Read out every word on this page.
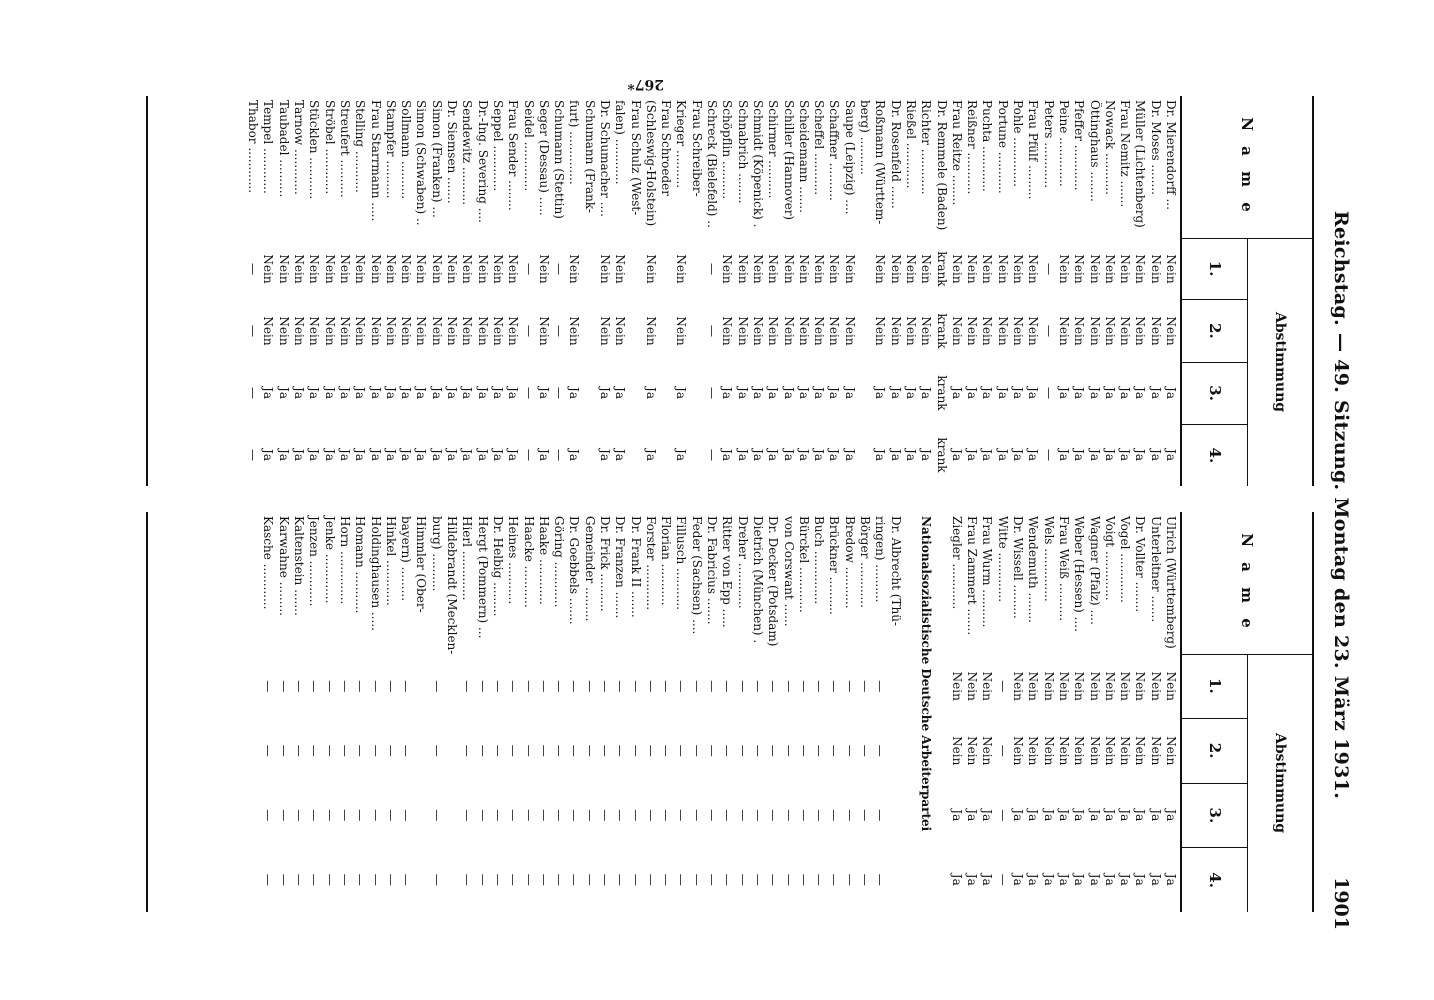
Reichstag. — 49. Sitzung. Montag den 23. März 1931.
1901
N a m e
Abstimmung
1.
2.
3.
4.
Dr. Mierendorff ...
Nein
Nein
Ja
Ja
Dr. Moses ........
Nein
Nein
Ja
Ja
Müller (Lichtenberg)
Nein
Nein
Ja
Ja
Frau Nemitz .......
Nein
Nein
Ja
Ja
Nowack ...........
Nein
Nein
Ja
Ja
Öttinghaus ........
Nein
Nein
Ja
Ja
Pfeffer ............
Nein
Nein
Ja
Ja
Peine .............
Nein
Nein
Ja
Ja
Peters ............
—
—
—
—
Frau Pfülf .........
Nein
Nein
Ja
Ja
Pohle .............
Nein
Nein
Ja
Ja
Portune ...........
Nein
Nein
Ja
Ja
Puchta ............
Nein
Nein
Ja
Ja
Reißner ...........
Nein
Nein
Ja
Ja
Frau Reitze ........
Nein
Nein
Ja
Ja
Dr. Remmele (Baden)
krank
krank
krank
krank
Richter ............
Nein
Nein
Ja
Ja
Rießel ............
Nein
Nein
Ja
Ja
Dr. Rosenfeld ......
Nein
Nein
Ja
Ja
Roßmann (Württem-
Nein
Nein
Ja
Ja
berg) ..........
Saupe (Leipzig) ....
Nein
Nein
Ja
Ja
Schaffner ..........
Nein
Nein
Ja
Ja
Scheffel ...........
Nein
Nein
Ja
Ja
Scheidemann .......
Nein
Nein
Ja
Ja
Schiller (Hannover)
Nein
Nein
Ja
Ja
Schirmer ..........
Nein
Nein
Ja
Ja
Schmidt (Köpenick) .
Nein
Nein
Ja
Ja
Schnabrich ........
Nein
Nein
Ja
Ja
Schöpflin ..........
Nein
Nein
Ja
Ja
Schreck (Bielefeld) ..
—
—
—
—
Frau Schreiber-
Krieger ..........
Nein
Nein
Ja
Ja
Frau Schroeder
(Schleswig-Holstein)
Nein
Nein
Ja
Ja
Frau Schulz (West-
falen) ............
Nein
Nein
Ja
Ja
Dr. Schumacher ....
Nein
Nein
Ja
Ja
Schumann (Frank-
furt) ..............
Nein
Nein
Ja
Ja
Schumann (Stettin)
—
—
—
—
Seger (Dessau) .....
Nein
Nein
Ja
Ja
Seidel .............
—
—
—
—
Frau Sender ........
Nein
Nein
Ja
Ja
Seppel ............
Nein
Nein
Ja
Ja
Dr.-Ing. Severing ....
Nein
Nein
Ja
Ja
Sendewitz ..........
Nein
Nein
Ja
Ja
Dr. Siemsen .......
Nein
Nein
Ja
Ja
Simon (Franken) ...
Nein
Nein
Ja
Ja
Simon (Schwaben) ..
Nein
Nein
Ja
Ja
Sollmann ..........
Nein
Nein
Ja
Ja
Stampfer ..........
Nein
Nein
Ja
Ja
Frau Starrmann .....
Nein
Nein
Ja
Ja
Stelling ...........
Nein
Nein
Ja
Ja
Streufert ..........
Nein
Nein
Ja
Ja
Ströbel ............
Nein
Nein
Ja
Ja
Stücklen ...........
Nein
Nein
Ja
Ja
Tarnow ............
Nein
Nein
Ja
Ja
Taubadel ..........
Nein
Nein
Ja
Ja
Tempel ............
Nein
Nein
Ja
Ja
Thabor ............
—
—
—
—
N a m e
Abstimmung
1.
2.
3.
4.
Ulrich (Württemberg)
Nein
Nein
Ja
Ja
Unterleitner .......
Nein
Nein
Ja
Ja
Dr. Vollter ........
Nein
Nein
Ja
Ja
Vogel .............
Nein
Nein
Ja
Ja
Voigt .............
Nein
Nein
Ja
Ja
Wagner (Pfalz) ....
Nein
Nein
Ja
Ja
Weber (Hessen) ....
Nein
Nein
Ja
Ja
Frau Weiß ..........
Nein
Nein
Ja
Ja
Wels ..............
Nein
Nein
Ja
Ja
Wendemuth ........
Nein
Nein
Ja
Ja
Dr. Wissell .........
Nein
Nein
Ja
Ja
Witte .............
—
—
—
—
Frau Wurm ..........
Nein
Nein
Ja
Ja
Frau Zammert .......
Nein
Nein
Ja
Ja
Ziegler ............
Nein
Nein
Ja
Ja
Nationalsozialistische Deutsche Arbeiterpartei
Dr. Albrecht (Thü-
ringen) ..........
—
—
—
—
Börger ............
—
—
—
—
Bredow ...........
—
—
—
—
Brückner ..........
—
—
—
—
Buch ..............
—
—
—
—
Bürckel ............
—
—
—
—
von Corswant ......
—
—
—
—
Dr. Decker (Potsdam)
—
—
—
—
Dietrich (München) .
—
—
—
—
Dreher ............
—
—
—
—
Ritter von Epp .....
—
—
—
—
Dr. Fabricius .......
—
—
—
—
Feder (Sachsen) ....
—
—
—
—
Fillusch ...........
—
—
—
—
Florian ...........
—
—
—
—
Forster ............
—
—
—
—
Dr. Frank II .......
—
—
—
—
Dr. Franzen .......
—
—
—
—
Dr. Frick ..........
—
—
—
—
Gemeinder .........
—
—
—
—
Dr. Goebbels .......
—
—
—
—
Göring ............
—
—
—
—
Haake ............
—
—
—
—
Haacke ...........
—
—
—
—
Heines ...........
—
—
—
—
Dr. Helbig .........
—
—
—
—
Hergt (Pommern) ...
—
—
—
—
Hierl .............
—
—
—
—
Hildebrandt (Mecklen-
burg) ..........
—
—
—
—
Himmler (Ober-
bayern) .........
—
—
—
—
Hinkel ............
—
—
—
—
Holdinghausen .....
—
—
—
—
Homann ...........
—
—
—
—
Horn ..............
—
—
—
—
Jenke .............
—
—
—
—
Jenzen ............
—
—
—
—
Kaltenstein .......
—
—
—
—
Karwahne .........
—
—
—
—
Kasche ............
—
—
—
—
267*
